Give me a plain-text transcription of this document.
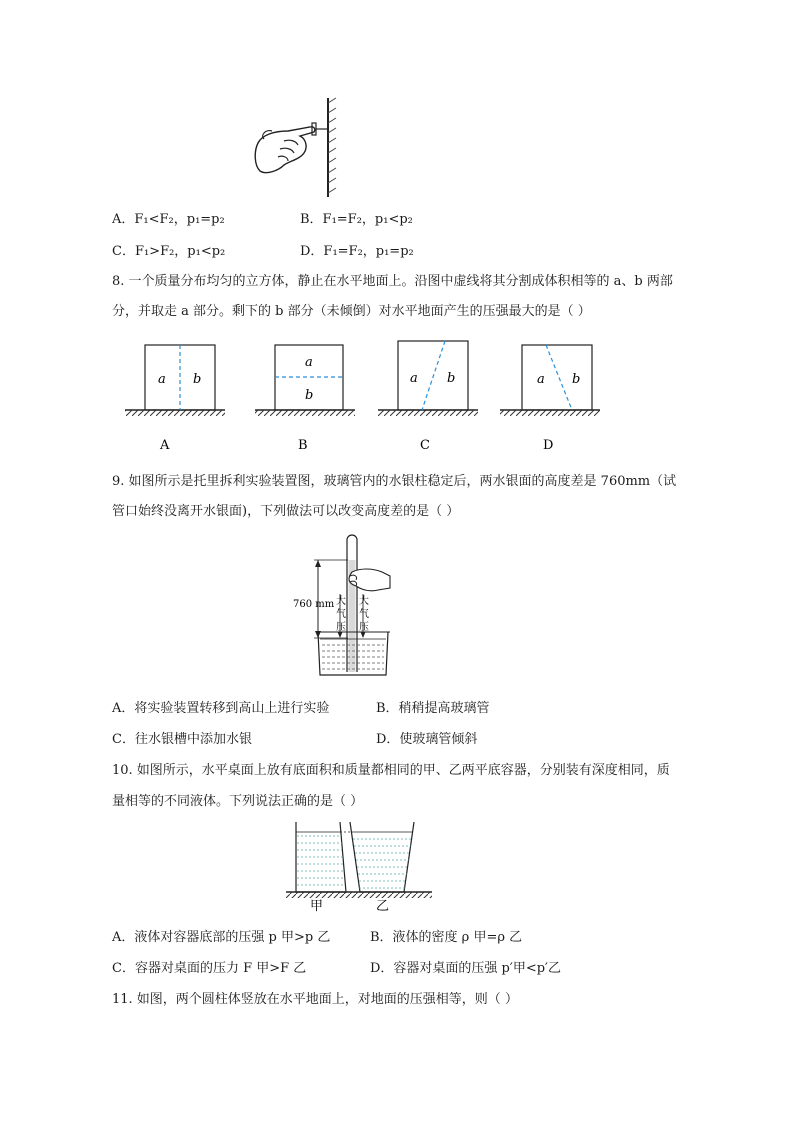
A．F₁<F₂，p₁=p₂	B．F₁=F₂，p₁<p₂
C．F₁>F₂，p₁<p₂	D．F₁=F₂，p₁=p₂
8. 一个质量分布均匀的立方体，静止在水平地面上。沿图中虚线将其分割成体积相等的 a、b 两部
分，并取走 a 部分。剩下的 b 部分（未倾倒）对水平地面产生的压强最大的是（ ）
a b
a
b
a b	a b
A	B	C	D
9. 如图所示是托里拆利实验装置图，玻璃管内的水银柱稳定后，两水银面的高度差是 760mm（试
管口始终没离开水银面)，下列做法可以改变高度差的是（ ）
760 mm 大
气
压
大
气
压
A．将实验装置转移到高山上进行实验	B．稍稍提高玻璃管
C．往水银槽中添加水银	D．使玻璃管倾斜
10. 如图所示，水平桌面上放有底面积和质量都相同的甲、乙两平底容器，分别装有深度相同，质
量相等的不同液体。下列说法正确的是（ ）
甲	乙
A．液体对容器底部的压强 p 甲>p 乙	B．液体的密度 ρ 甲=ρ 乙
C．容器对桌面的压力 F 甲>F 乙	D．容器对桌面的压强 p′甲<p′乙
11. 如图，两个圆柱体竖放在水平地面上，对地面的压强相等，则（ ）
